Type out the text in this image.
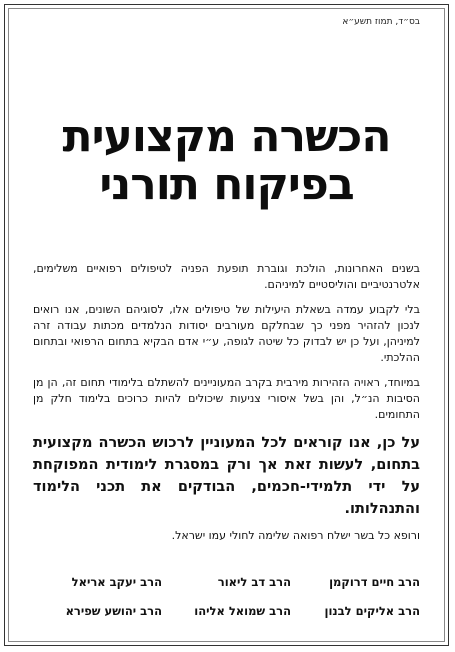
בס״ד, תמוז תשע״א
הכשרה מקצועית
בפיקוח תורני

בשנים האחרונות, הולכת וגוברת תופעת הפניה לטיפולים רפואיים משלימים, אלטרנטיביים והוליסטיים למיניהם.

בלי לקבוע עמדה בשאלת היעילות של טיפולים אלו, לסוגיהם השונים, אנו רואים לנכון להזהיר מפני כך שבחלקם מעורבים יסודות הנלמדים מכתות עבודה זרה למיניהן, ועל כן יש לבדוק כל שיטה לגופה, ע״י אדם הבקיא בתחום הרפואי ובתחום ההלכתי.

במיוחד, ראויה הזהירות מירבית בקרב המעוניינים להשתלם בלימודי תחום זה, הן מן הסיבות הנ״ל, והן בשל איסורי צניעות שיכולים להיות כרוכים בלימוד חלק מן התחומים.

על כן, אנו קוראים לכל המעוניין לרכוש הכשרה מקצועית בתחום, לעשות זאת אך ורק במסגרת לימודית המפוקחת על ידי תלמידי-חכמים, הבודקים את תכני הלימוד והתנהלותו.

ורופא כל בשר ישלח רפואה שלימה לחולי עמו ישראל.

הרב חיים דרוקמן
הרב דב ליאור
הרב יעקב אריאל
הרב אליקים לבנון
הרב שמואל אליהו
הרב יהושע שפירא
